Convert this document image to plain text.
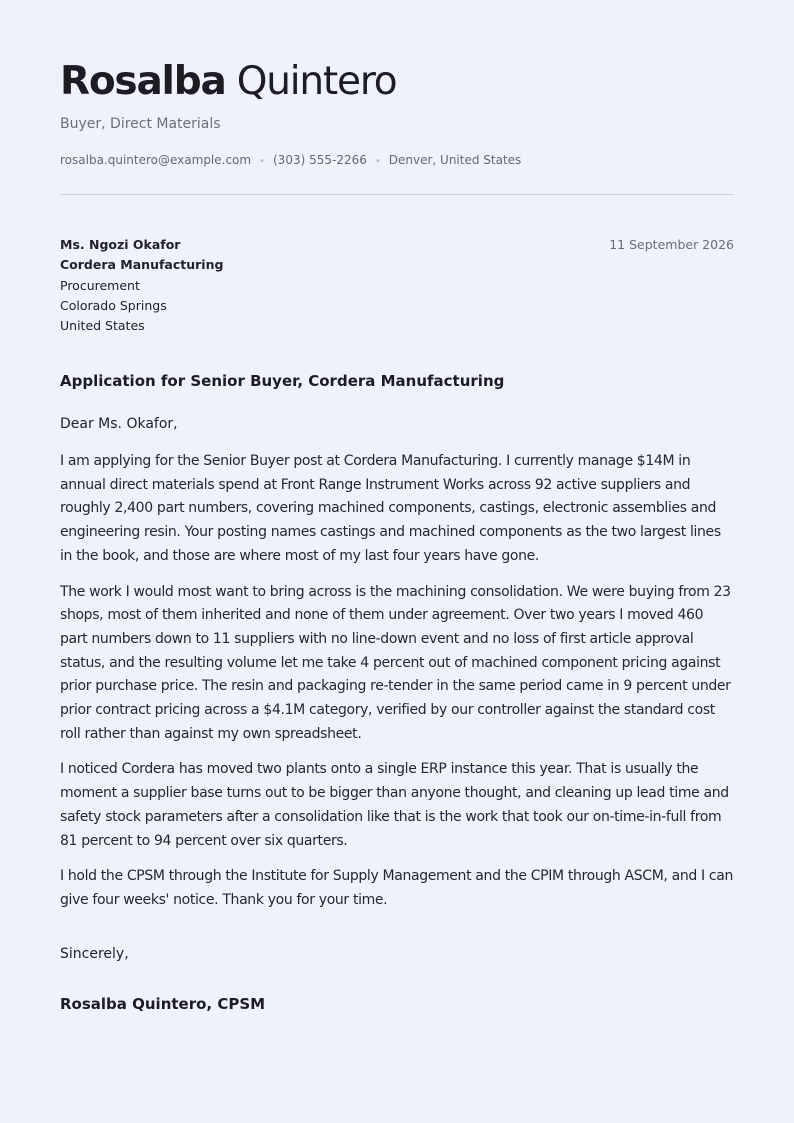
Rosalba Quintero
Buyer, Direct Materials
rosalba.quintero@example.com • (303) 555-2266 • Denver, United States
Ms. Ngozi Okafor
Cordera Manufacturing
Procurement
Colorado Springs
United States
11 September 2026
Application for Senior Buyer, Cordera Manufacturing
Dear Ms. Okafor,

I am applying for the Senior Buyer post at Cordera Manufacturing. I currently manage $14M in annual direct materials spend at Front Range Instrument Works across 92 active suppliers and roughly 2,400 part numbers, covering machined components, castings, electronic assemblies and engineering resin. Your posting names castings and machined components as the two largest lines in the book, and those are where most of my last four years have gone.

The work I would most want to bring across is the machining consolidation. We were buying from 23 shops, most of them inherited and none of them under agreement. Over two years I moved 460 part numbers down to 11 suppliers with no line-down event and no loss of first article approval status, and the resulting volume let me take 4 percent out of machined component pricing against prior purchase price. The resin and packaging re-tender in the same period came in 9 percent under prior contract pricing across a $4.1M category, verified by our controller against the standard cost roll rather than against my own spreadsheet.

I noticed Cordera has moved two plants onto a single ERP instance this year. That is usually the moment a supplier base turns out to be bigger than anyone thought, and cleaning up lead time and safety stock parameters after a consolidation like that is the work that took our on-time-in-full from 81 percent to 94 percent over six quarters.

I hold the CPSM through the Institute for Supply Management and the CPIM through ASCM, and I can give four weeks' notice. Thank you for your time.

Sincerely,
Rosalba Quintero, CPSM
